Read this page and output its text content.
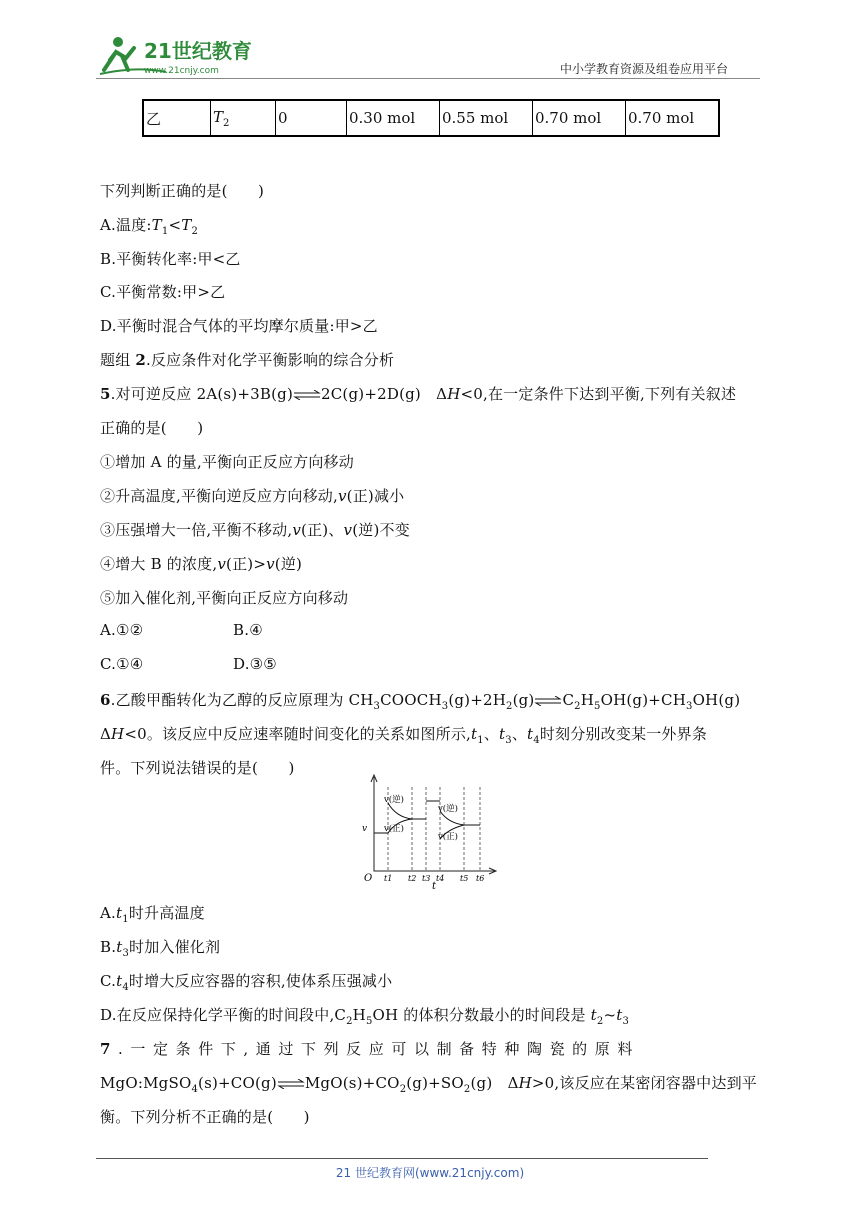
21世纪教育
www.21cnjy.com	中小学教育资源及组卷应用平台
乙	$T_2$	0	0.30 mol	0.55 mol	0.70 mol	0.70 mol
下列判断正确的是(　　)
A.温度$:T_1<T_2$
B.平衡转化率:甲<乙
C.平衡常数:甲>乙
D.平衡时混合气体的平均摩尔质量:甲>乙
题组 2.反应条件对化学平衡影响的综合分析
5.对可逆反应 2A(s)+3B(g)⇌2C(g)+2D(g)　ΔH<0,在一定条件下达到平衡,下列有关叙述
正确的是(　　)
①增加 A 的量,平衡向正反应方向移动
②升高温度,平衡向逆反应方向移动,v(正)减小
③压强增大一倍,平衡不移动,v(正)、v(逆)不变
④增大 B 的浓度,v(正)>v(逆)
⑤加入催化剂,平衡向正反应方向移动
A.①②	B.④
C.①④	D.③⑤
6.乙酸甲酯转化为乙醇的反应原理为 $CH_3COOCH_3(g)+2H_2(g)\rightleftharpoons C_2H_5OH(g)+CH_3OH(g)$
ΔH<0。该反应中反应速率随时间变化的关系如图所示$,t_1$、$t_3$、$t_4$时刻分别改变某一外界条
件。下列说法错误的是(　　)
v
O
t
v(逆)
v(正)
v(逆)
v(正)
t1 t2 t3 t4 t5 t6
$A.t_1$时升高温度
$B.t_3$时加入催化剂
$C.t_4$时增大反应容器的容积,使体系压强减小
D.在反应保持化学平衡的时间段中$,C_2H_5OH$ 的体积分数最小的时间段是 $t_2\sim t_3$
7.一定条件下,通过下列反应可以制备特种陶瓷的原料
$MgO:MgSO_4(s)+CO(g)\rightleftharpoons MgO(s)+CO_2(g)+SO_2(g)$　ΔH>0,该反应在某密闭容器中达到平
衡。下列分析不正确的是(　　)
21 世纪教育网(www.21cnjy.com)
